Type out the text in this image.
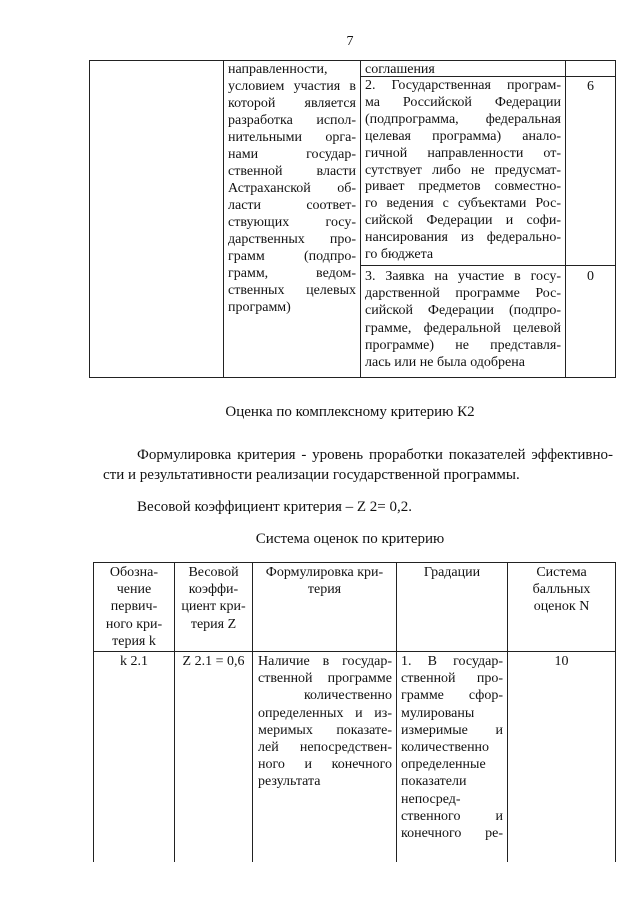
7
направленности,
условием участия в
которой является
разработка испол-
нительными орга-
нами государ-
ственной власти
Астраханской об-
ласти соответ-
ствующих госу-
дарственных про-
грамм (подпро-
грамм, ведом-
ственных целевых
программ)
соглашения
2. Государственная програм-
ма Российской Федерации
(подпрограмма, федеральная
целевая программа) анало-
гичной направленности от-
сутствует либо не предусмат-
ривает предметов совместно-
го ведения с субъектами Рос-
сийской Федерации и софи-
нансирования из федерально-
го бюджета
6
3. Заявка на участие в госу-
дарственной программе Рос-
сийской Федерации (подпро-
грамме, федеральной целевой
программе) не представля-
лась или не была одобрена
0
Оценка по комплексному критерию К2
Формулировка критерия - уровень проработки показателей эффективно-
сти и результативности реализации государственной программы.
Весовой коэффициент критерия – Z 2= 0,2.
Система оценок по критерию
Обозна-
чение
первич-
ного кри-
терия k
Весовой
коэффи-
циент кри-
терия Z
Формулировка кри-
терия
Градации	Система
балльных
оценок N
k 2.1	Z 2.1 = 0,6 Наличие в государ-
ственной программе
количественно
определенных и из-
меримых показате-
лей непосредствен-
ного и конечного
результата
1. В государ-
ственной про-
грамме сфор-
мулированы
измеримые и
количественно
определенные
показатели
непосред-
ственного и
конечного ре-
10
